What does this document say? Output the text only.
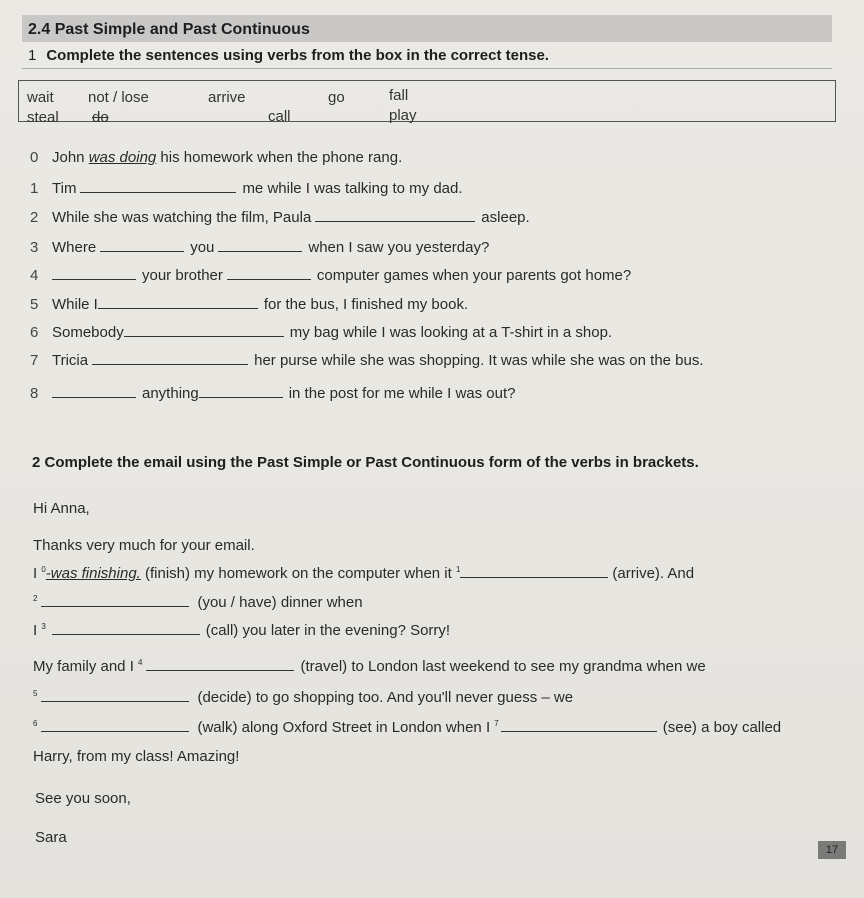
2.4 Past Simple and Past Continuous
1 Complete the sentences using verbs from the box in the correct tense.
wait not / lose	arrive	go	fall
steal do	call	play
0 John was doing his homework when the phone rang.
1 Tim	me while I was talking to my dad.
2 While she was watching the film, Paula	asleep.
3 Where	you	when I saw you yesterday?
4	your brother	computer games when your parents got home?
5 While I	for the bus, I finished my book.
6 Somebody	my bag while I was looking at a T-shirt in a shop.
7 Tricia	her purse while she was shopping. It was while she was on the bus.
8	anything	in the post for me while I was out?
2 Complete the email using the Past Simple or Past Continuous form of the verbs in brackets.
Hi Anna,
Thanks very much for your email.
I $^0$-was finishing. (finish) my homework on the computer when it $^1$	(arrive). And
$^2$	(you / have) dinner when
I $^3$	(call) you later in the evening? Sorry!
My family and I $^4$	(travel) to London last weekend to see my grandma when we
$^5$	(decide) to go shopping too. And you'll never guess – we
$^6$	(walk) along Oxford Street in London when I $^7$	(see) a boy called
Harry, from my class! Amazing!
See you soon,
Sara
17
